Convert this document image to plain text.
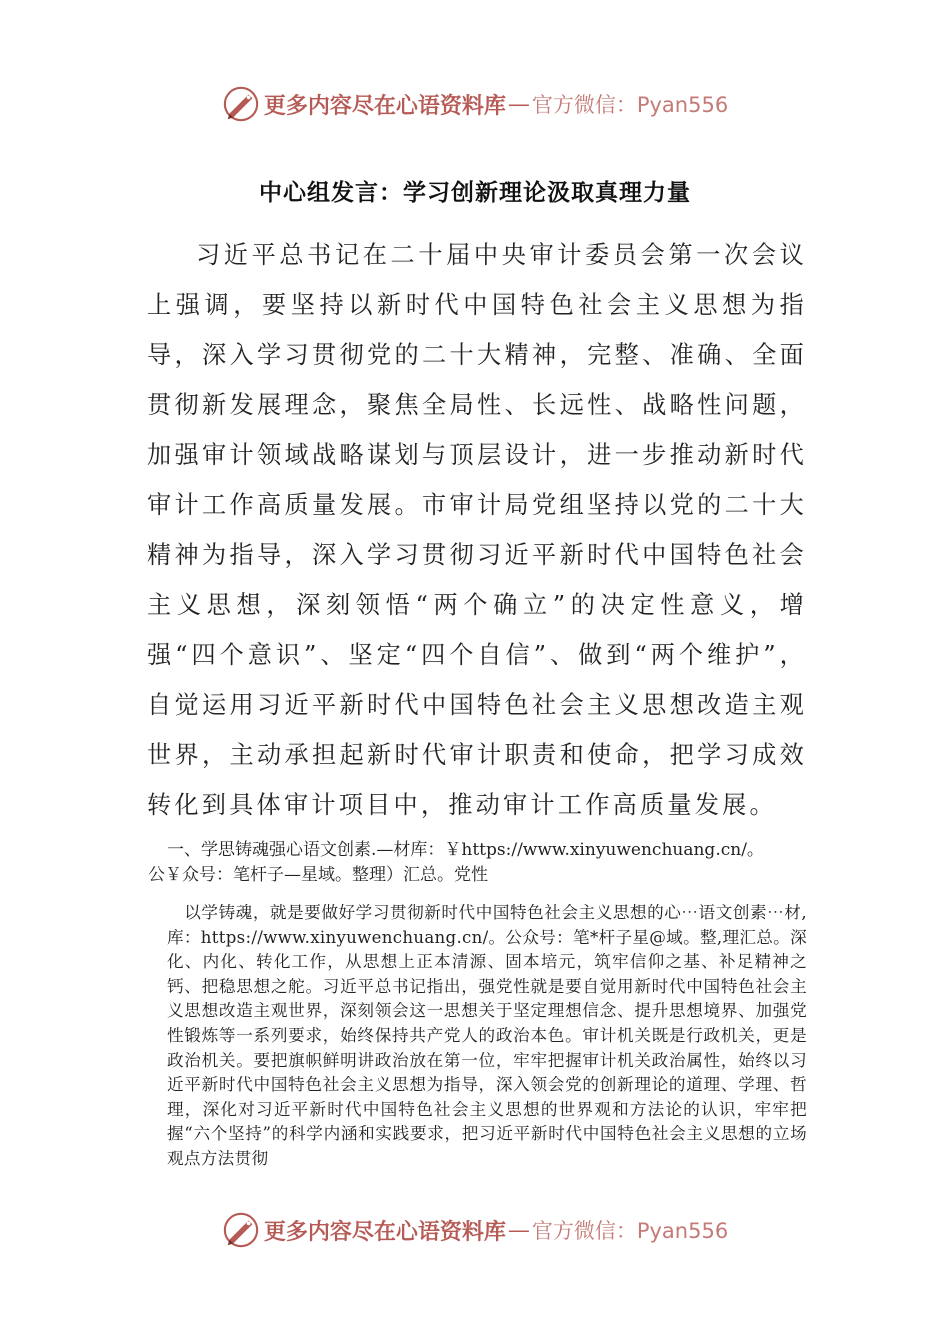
更多内容尽在心语资料库 — 官方微信：Pyan556
中心组发言：学习创新理论汲取真理力量

习近平总书记在二十届中央审计委员会第一次会议上强调，要坚持以新时代中国特色社会主义思想为指导，深入学习贯彻党的二十大精神，完整、准确、全面贯彻新发展理念，聚焦全局性、长远性、战略性问题，加强审计领域战略谋划与顶层设计，进一步推动新时代审计工作高质量发展。市审计局党组坚持以党的二十大精神为指导，深入学习贯彻习近平新时代中国特色社会主义思想，深刻领悟“两个确立”的决定性意义，增强“四个意识”、坚定“四个自信”、做到“两个维护”，自觉运用习近平新时代中国特色社会主义思想改造主观世界，主动承担起新时代审计职责和使命，把学习成效转化到具体审计项目中，推动审计工作高质量发展。

一、学思铸魂强心语文创素.—材库：￥https://www.xinyuwenchuang.cn/。
公￥众号：笔杆子—星域。整理）汇总。党性

以学铸魂，就是要做好学习贯彻新时代中国特色社会主义思想的心⋯语文创素⋯材,库：https://www.xinyuwenchuang.cn/。公众号：笔*杆子星@域。整,理汇总。深化、内化、转化工作，从思想上正本清源、固本培元，筑牢信仰之基、补足精神之钙、把稳思想之舵。习近平总书记指出，强党性就是要自觉用新时代中国特色社会主义思想改造主观世界，深刻领会这一思想关于坚定理想信念、提升思想境界、加强党性锻炼等一系列要求，始终保持共产党人的政治本色。审计机关既是行政机关，更是政治机关。要把旗帜鲜明讲政治放在第一位，牢牢把握审计机关政治属性，始终以习近平新时代中国特色社会主义思想为指导，深入领会党的创新理论的道理、学理、哲理，深化对习近平新时代中国特色社会主义思想的世界观和方法论的认识，牢牢把握“六个坚持”的科学内涵和实践要求，把习近平新时代中国特色社会主义思想的立场观点方法贯彻

更多内容尽在心语资料库 — 官方微信：Pyan556
